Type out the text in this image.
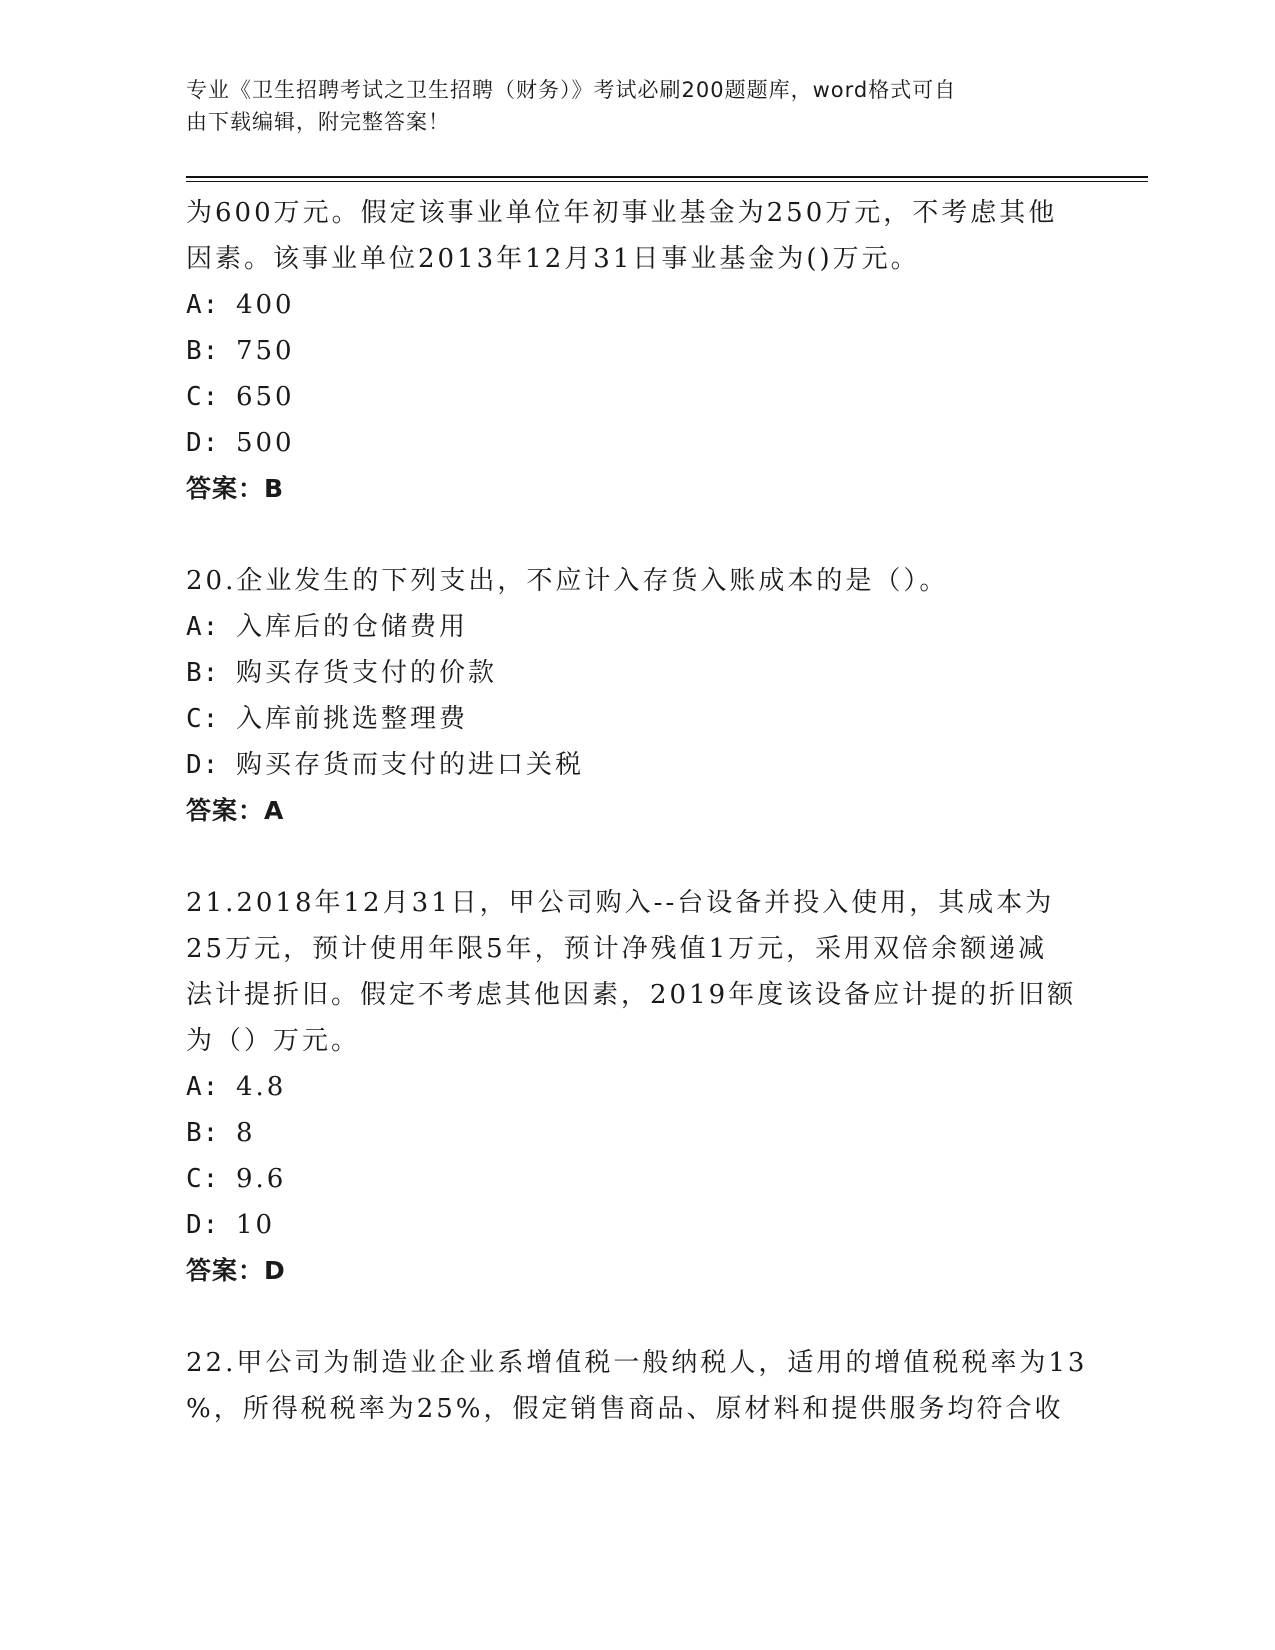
专业《卫生招聘考试之卫生招聘（财务）》考试必刷200题题库，word格式可自
由下载编辑，附完整答案！
为600万元。假定该事业单位年初事业基金为250万元，不考虑其他
因素。该事业单位2013年12月31日事业基金为()万元。
A: 400
B: 750
C: 650
D: 500
答案：B
20.企业发生的下列支出，不应计入存货入账成本的是（）。
A: 入库后的仓储费用
B: 购买存货支付的价款
C: 入库前挑选整理费
D: 购买存货而支付的进口关税
答案：A
21.2018年12月31日，甲公司购入--台设备并投入使用，其成本为
25万元，预计使用年限5年，预计净残值1万元，采用双倍余额递减
法计提折旧。假定不考虑其他因素，2019年度该设备应计提的折旧额
为（）万元。
A: 4.8
B: 8
C: 9.6
D: 10
答案：D
22.甲公司为制造业企业系增值税一般纳税人，适用的增值税税率为13
%，所得税税率为25%，假定销售商品、原材料和提供服务均符合收
